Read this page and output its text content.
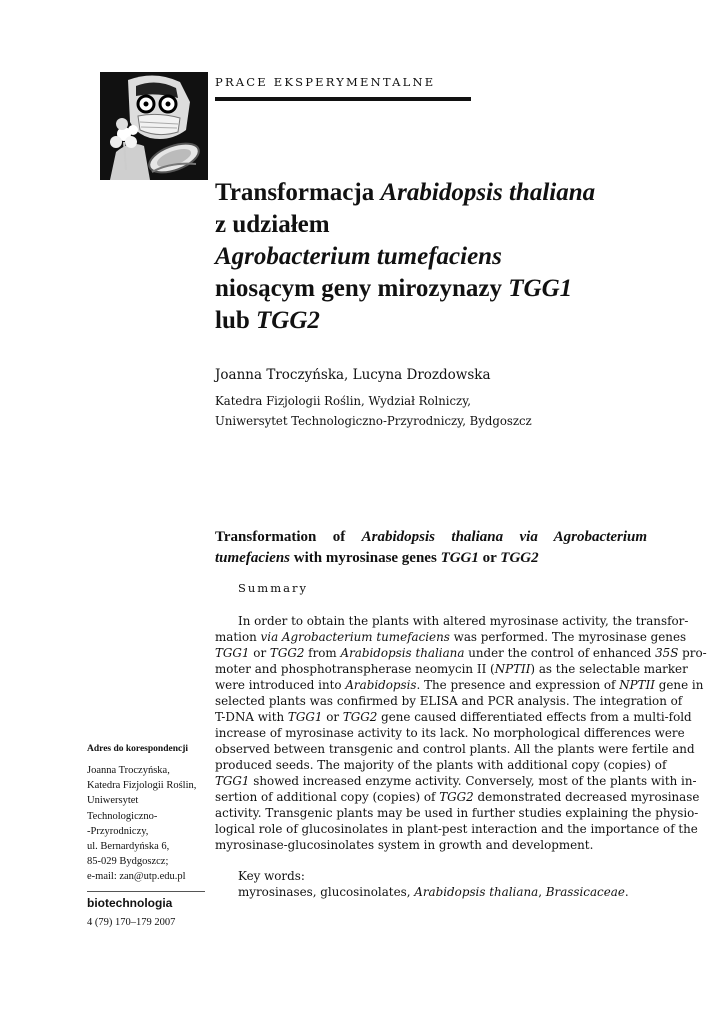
PRACE EKSPERYMENTALNE
Transformacja Arabidopsis thaliana
z udziałem
Agrobacterium tumefaciens
niosącym geny mirozynazy TGG1
lub TGG2
Joanna Troczyńska, Lucyna Drozdowska
Katedra Fizjologii Roślin, Wydział Rolniczy,
Uniwersytet Technologiczno-Przyrodniczy, Bydgoszcz
Transformation of Arabidopsis thaliana via Agrobacterium tumefaciens with myrosinase genes TGG1 or TGG2
Summary
In order to obtain the plants with altered myrosinase activity, the transfor-
mation via Agrobacterium tumefaciens was performed. The myrosinase genes
TGG1 or TGG2 from Arabidopsis thaliana under the control of enhanced 35S pro-
moter and phosphotranspherase neomycin II (NPTII) as the selectable marker
were introduced into Arabidopsis. The presence and expression of NPTII gene in
selected plants was confirmed by ELISA and PCR analysis. The integration of
T-DNA with TGG1 or TGG2 gene caused differentiated effects from a multi-fold
increase of myrosinase activity to its lack. No morphological differences were
observed between transgenic and control plants. All the plants were fertile and
produced seeds. The majority of the plants with additional copy (copies) of
TGG1 showed increased enzyme activity. Conversely, most of the plants with in-
sertion of additional copy (copies) of TGG2 demonstrated decreased myrosinase
activity. Transgenic plants may be used in further studies explaining the physio-
logical role of glucosinolates in plant-pest interaction and the importance of the
myrosinase-glucosinolates system in growth and development.
Key words:
myrosinases, glucosinolates, Arabidopsis thaliana, Brassicaceae.
Adres do korespondencji
Joanna Troczyńska,
Katedra Fizjologii Roślin,
Uniwersytet
Technologiczno-
-Przyrodniczy,
ul. Bernardyńska 6,
85-029 Bydgoszcz;
e-mail: zan@utp.edu.pl
biotechnologia
4 (79) 170–179 2007
